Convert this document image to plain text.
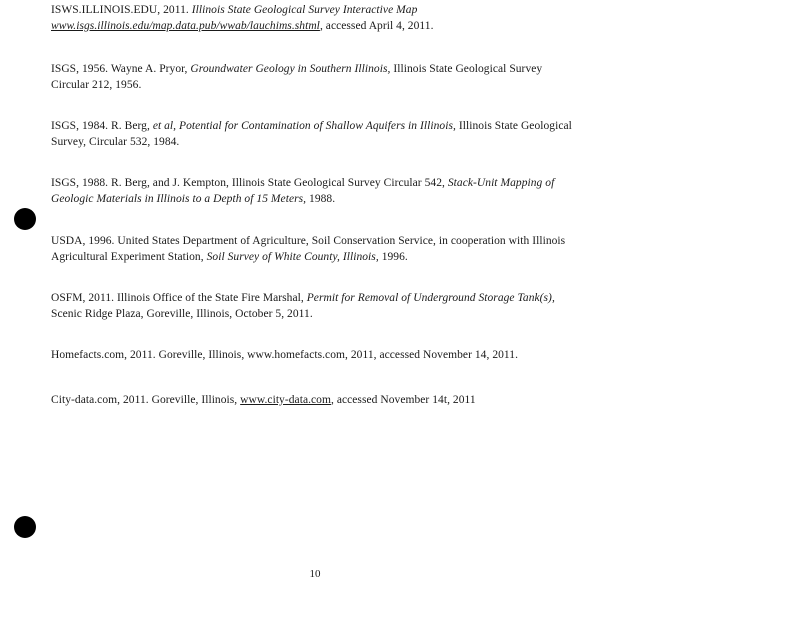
ISWS.ILLINOIS.EDU, 2011. Illinois State Geological Survey Interactive Map
www.isgs.illinois.edu/map.data.pub/wwab/lauchims.shtml, accessed April 4, 2011.
ISGS, 1956. Wayne A. Pryor, Groundwater Geology in Southern Illinois, Illinois State Geological Survey Circular 212, 1956.
ISGS, 1984. R. Berg, et al, Potential for Contamination of Shallow Aquifers in Illinois, Illinois State Geological Survey, Circular 532, 1984.
ISGS, 1988. R. Berg, and J. Kempton, Illinois State Geological Survey Circular 542, Stack-Unit Mapping of Geologic Materials in Illinois to a Depth of 15 Meters, 1988.
USDA, 1996. United States Department of Agriculture, Soil Conservation Service, in cooperation with Illinois Agricultural Experiment Station, Soil Survey of White County, Illinois, 1996.
OSFM, 2011. Illinois Office of the State Fire Marshal, Permit for Removal of Underground Storage Tank(s), Scenic Ridge Plaza, Goreville, Illinois, October 5, 2011.
Homefacts.com, 2011. Goreville, Illinois, www.homefacts.com, 2011, accessed November 14, 2011.
City-data.com, 2011. Goreville, Illinois, www.city-data.com, accessed November 14t, 2011
10
